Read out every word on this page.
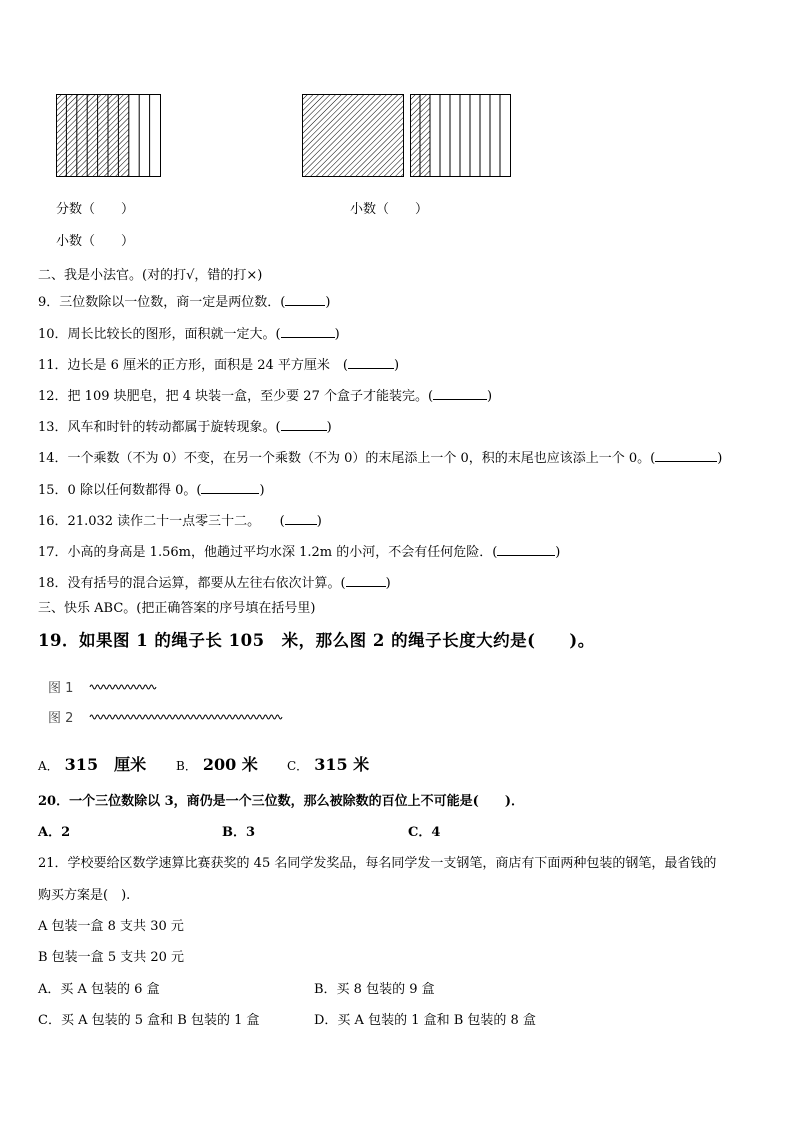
分数（　　）	小数（　　）
小数（　　）
二、我是小法官。(对的打√，错的打×)
9．三位数除以一位数，商一定是两位数．(	)
10．周长比较长的图形，面积就一定大。(	)
11．边长是 6 厘米的正方形，面积是 24 平方厘米　(	)
12．把 109 块肥皂，把 4 块装一盒，至少要 27 个盒子才能装完。(	)
13．风车和时针的转动都属于旋转现象。(	)
14．一个乘数（不为 0）不变，在另一个乘数（不为 0）的末尾添上一个 0，积的末尾也应该添上一个 0。(	)
15．0 除以任何数都得 0。(	)
16．21.032 读作二十一点零三十二。　　( )
17．小高的身高是 1.56m，他趟过平均水深 1.2m 的小河，不会有任何危险．(	)
18．没有括号的混合运算，都要从左往右依次计算。(	)
三、快乐 ABC。(把正确答案的序号填在括号里)
19．如果图 1 的绳子长 105　米，那么图 2 的绳子长度大约是(　　)。
图 1
图 2
A． 315　厘米 B． 200 米 C． 315 米
20．一个三位数除以 3，商仍是一个三位数，那么被除数的百位上不可能是(　　)．
A．2	B．3	C．4
21．学校要给区数学速算比赛获奖的 45 名同学发奖品，每名同学发一支钢笔，商店有下面两种包装的钢笔，最省钱的
购买方案是(　).
A 包装一盒 8 支共 30 元
B 包装一盒 5 支共 20 元
A．买 A 包装的 6 盒	B．买 8 包装的 9 盒
C．买 A 包装的 5 盒和 B 包装的 1 盒	D．买 A 包装的 1 盒和 B 包装的 8 盒
